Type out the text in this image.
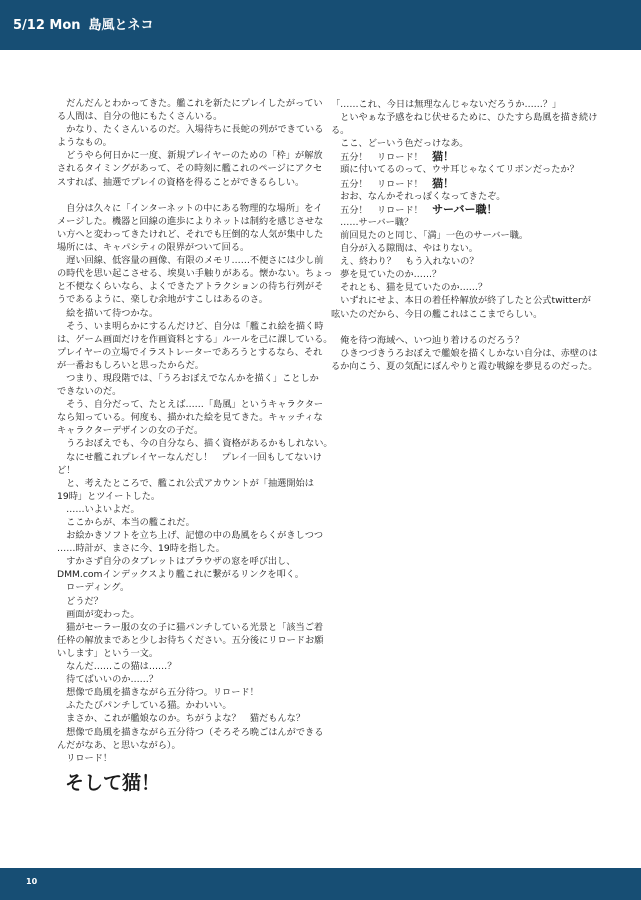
5/12 Mon 島風とネコ
　だんだんとわかってきた。艦これを新たにプレイしたがってい
る人間は、自分の他にもたくさんいる。
　かなり、たくさんいるのだ。入場待ちに長蛇の列ができている
ようなもの。
　どうやら何日かに一度、新規プレイヤーのための「枠」が解放
されるタイミングがあって、その時刻に艦これのページにアクセ
スすれば、抽選でプレイの資格を得ることができるらしい。
　自分は久々に「インターネットの中にある物理的な場所」をイ
メージした。機器と回線の進歩によりネットは制約を感じさせな
い方へと変わってきたけれど、それでも圧倒的な人気が集中した
場所には、キャパシティの限界がついて回る。
　遅い回線、低容量の画像、有限のメモリ……不便さには少し前
の時代を思い起こさせる、埃臭い手触りがある。懐かない。ちょっ
と不便なくらいなら、よくできたアトラクションの待ち行列がそ
うであるように、楽しむ余地がすこしはあるのさ。
　絵を描いて待つかな。
　そう、いま明らかにするんだけど、自分は「艦これ絵を描く時
は、ゲーム画面だけを作画資料とする」ルールを己に課している。
プレイヤーの立場でイラストレーターであろうとするなら、それ
が一番おもしろいと思ったからだ。
　つまり、現段階では、「うろおぼえでなんかを描く」ことしか
できないのだ。
　そう、自分だって、たとえば……「島風」というキャラクター
なら知っている。何度も、描かれた絵を見てきた。キャッチィな
キャラクターデザインの女の子だ。
　うろおぼえでも、今の自分なら、描く資格があるかもしれない。
　なにせ艦これプレイヤーなんだし！　プレイ一回もしてないけ
ど！
　と、考えたところで、艦これ公式アカウントが「抽選開始は
19時」とツイートした。
　……いよいよだ。
　ここからが、本当の艦これだ。
　お絵かきソフトを立ち上げ、記憶の中の島風をらくがきしつつ
……時計が、まさに今、19時を指した。
　すかさず自分のタブレットはブラウザの窓を呼び出し、
DMM.comインデックスより艦これに繋がるリンクを叩く。
　ローディング。
　どうだ？
　画面が変わった。
　猫がセーラー服の女の子に猫パンチしている光景と「該当ご着
任枠の解放まであと少しお待ちください。五分後にリロードお願
いします」という一文。
　なんだ……この猫は……？
　待てばいいのか……？
　想像で島風を描きながら五分待つ。リロード！
　ふたたびパンチしている猫。かわいい。
　まさか、これが艦娘なのか。ちがうよな？　猫だもんな？
　想像で島風を描きながら五分待つ（そろそろ晩ごはんができる
んだがなあ、と思いながら）。
　リロード！
そして猫！
「……これ、今日は無理なんじゃないだろうか……？」
　といやぁな予感をねじ伏せるために、ひたすら島風を描き続け
る。
　ここ、どーいう色だっけなあ。
　五分！　リロード！　猫！
　頭に付いてるのって、ウサ耳じゃなくてリボンだったか？
　五分！　リロード！　猫！
　おお、なんかそれっぽくなってきたぞ。
　五分！　リロード！　サーバー職！
　……サーバー職？
　前回見たのと同じ、「満」一色のサーバー職。
　自分が入る隙間は、やはりない。
　え、終わり？　もう入れないの？
　夢を見ていたのか……？
　それとも、猫を見ていたのか……？
　いずれにせよ、本日の着任枠解放が終了したと公式twitterが
呟いたのだから、今日の艦これはここまでらしい。
　俺を待つ海域へ、いつ辿り着けるのだろう？
　ひきつづきうろおぼえで艦娘を描くしかない自分は、赤壁のは
るか向こう、夏の気配にぼんやりと霞む戦線を夢見るのだった。
10
